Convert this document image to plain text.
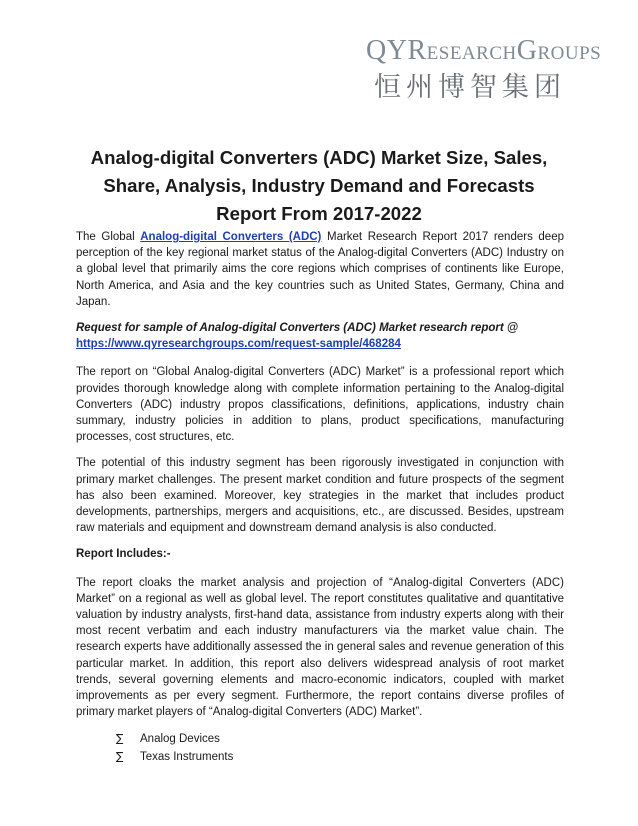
QYRESEARCHGROUPS
恒州博智集团
Analog-digital Converters (ADC) Market Size, Sales, Share, Analysis, Industry Demand and Forecasts Report From 2017-2022

The Global Analog-digital Converters (ADC) Market Research Report 2017 renders deep perception of the key regional market status of the Analog-digital Converters (ADC) Industry on a global level that primarily aims the core regions which comprises of continents like Europe, North America, and Asia and the key countries such as United States, Germany, China and Japan.

Request for sample of Analog-digital Converters (ADC) Market research report @
https://www.qyresearchgroups.com/request-sample/468284

The report on “Global Analog-digital Converters (ADC) Market” is a professional report which provides thorough knowledge along with complete information pertaining to the Analog-digital Converters (ADC) industry propos classifications, definitions, applications, industry chain summary, industry policies in addition to plans, product specifications, manufacturing processes, cost structures, etc.

The potential of this industry segment has been rigorously investigated in conjunction with primary market challenges. The present market condition and future prospects of the segment has also been examined. Moreover, key strategies in the market that includes product developments, partnerships, mergers and acquisitions, etc., are discussed. Besides, upstream raw materials and equipment and downstream demand analysis is also conducted.

Report Includes:-

The report cloaks the market analysis and projection of “Analog-digital Converters (ADC) Market” on a regional as well as global level. The report constitutes qualitative and quantitative valuation by industry analysts, first-hand data, assistance from industry experts along with their most recent verbatim and each industry manufacturers via the market value chain. The research experts have additionally assessed the in general sales and revenue generation of this particular market. In addition, this report also delivers widespread analysis of root market trends, several governing elements and macro-economic indicators, coupled with market improvements as per every segment. Furthermore, the report contains diverse profiles of primary market players of “Analog-digital Converters (ADC) Market”.

∑	Analog Devices
∑	Texas Instruments
